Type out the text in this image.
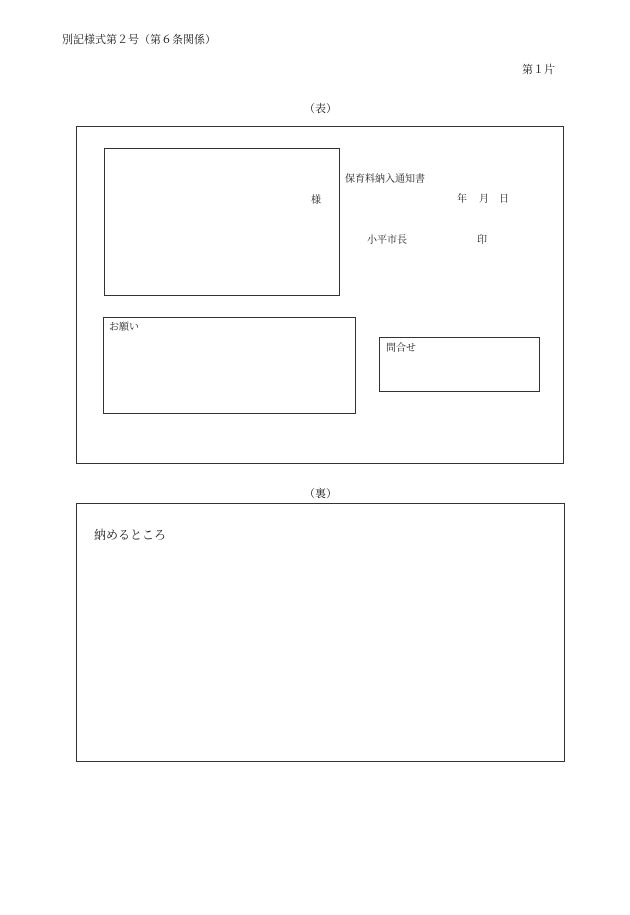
別記様式第２号（第６条関係）
第１片
（表）
様
保育料納入通知書
年 月 日
小平市長	印
お願い
問合せ
（裏）
納めるところ
